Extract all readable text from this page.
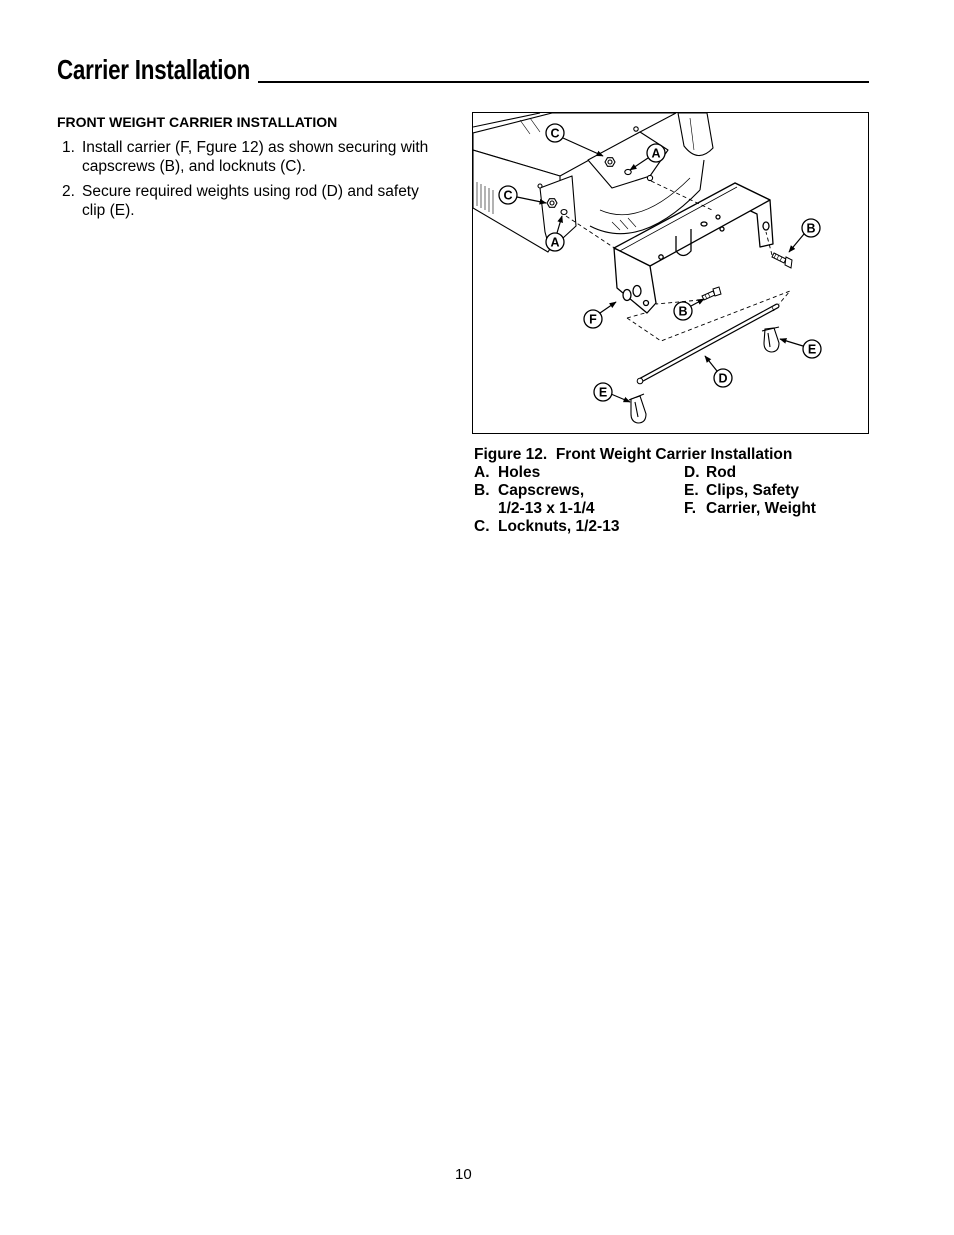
Carrier Installation
FRONT WEIGHT CARRIER INSTALLATION
1. Install carrier (F, Fgure 12) as shown securing with capscrews (B), and locknuts (C).
2. Secure required weights using rod (D) and safety clip (E).
C
A
C
A
B
F
B
E
D
E
Figure 12.  Front Weight Carrier Installation
A. Holes
B. Capscrews,
1/2-13 x 1-1/4
C. Locknuts, 1/2-13
D. Rod
E. Clips, Safety
F. Carrier, Weight
10
